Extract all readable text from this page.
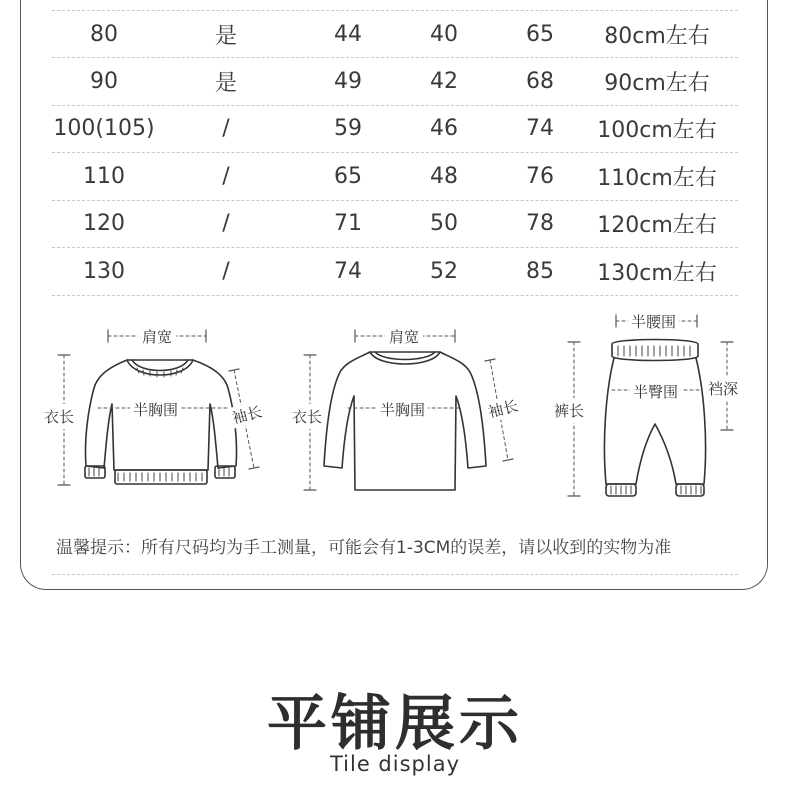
80	是	44	40	65	80cm左右
90	是	49	42	68	90cm左右
100(105)	/	59	46	74	100cm左右
110	/	65	48	76	110cm左右
120	/	71	50	78	120cm左右
130	/	74	52	85	130cm左右
肩宽
衣长	半胸围	袖长
肩宽
衣长	半胸围	袖长
半腰围
裤长
半臀围 裆深
温馨提示：所有尺码均为手工测量，可能会有1-3CM的误差，请以收到的实物为准
平铺展示
Tile display
